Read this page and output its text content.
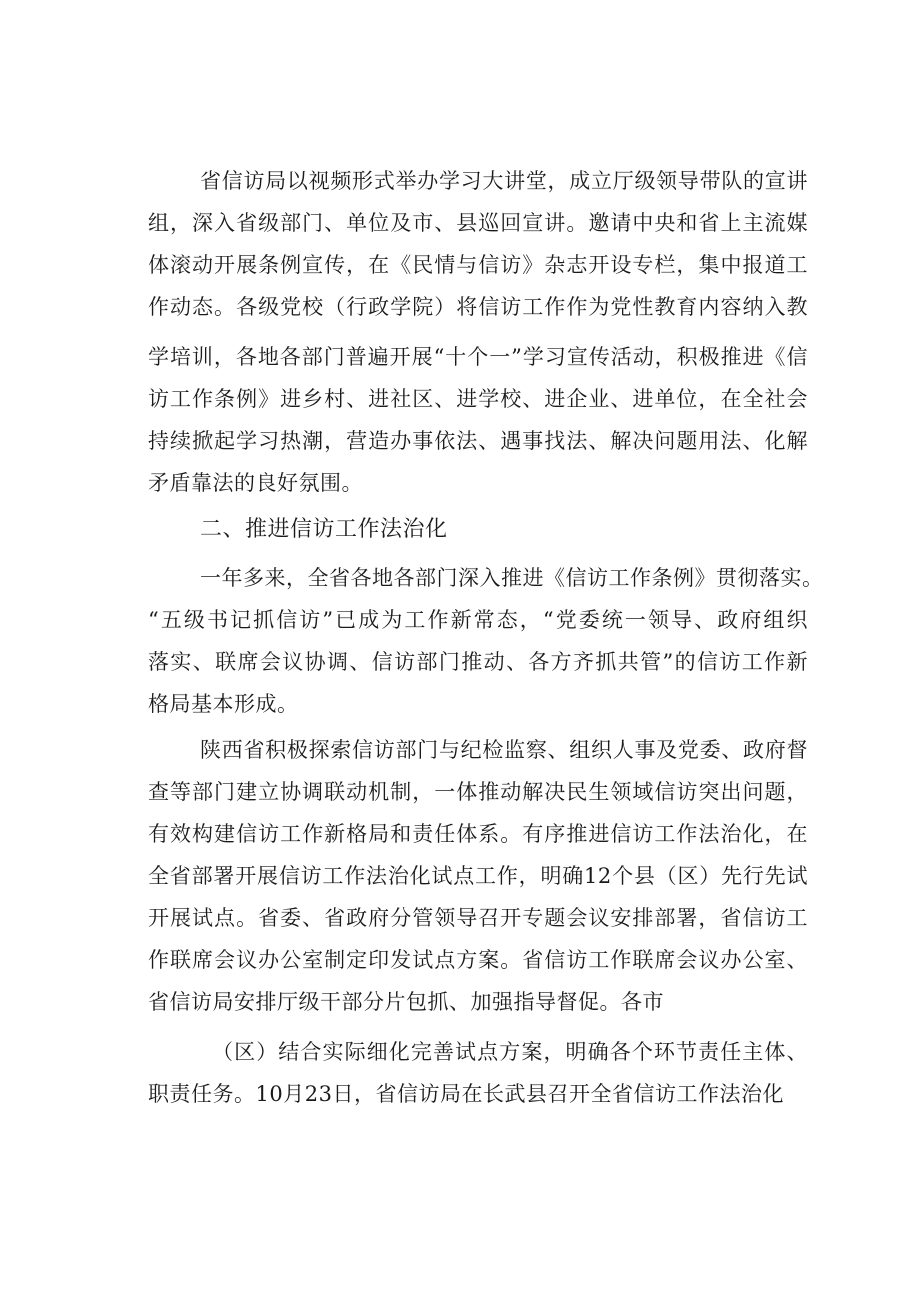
省信访局以视频形式举办学习大讲堂，成立厅级领导带队的宣讲
组，深入省级部门、单位及市、县巡回宣讲。邀请中央和省上主流媒
体滚动开展条例宣传，在《民情与信访》杂志开设专栏，集中报道工
作动态。各级党校（行政学院）将信访工作作为党性教育内容纳入教
学培训，各地各部门普遍开展“十个一”学习宣传活动，积极推进《信
访工作条例》进乡村、进社区、进学校、进企业、进单位，在全社会
持续掀起学习热潮，营造办事依法、遇事找法、解决问题用法、化解
矛盾靠法的良好氛围。
二、推进信访工作法治化
一年多来，全省各地各部门深入推进《信访工作条例》贯彻落实。
“五级书记抓信访”已成为工作新常态，“党委统一领导、政府组织
落实、联席会议协调、信访部门推动、各方齐抓共管”的信访工作新
格局基本形成。
陕西省积极探索信访部门与纪检监察、组织人事及党委、政府督
查等部门建立协调联动机制，一体推动解决民生领域信访突出问题，
有效构建信访工作新格局和责任体系。有序推进信访工作法治化，在
全省部署开展信访工作法治化试点工作，明确12个县（区）先行先试
开展试点。省委、省政府分管领导召开专题会议安排部署，省信访工
作联席会议办公室制定印发试点方案。省信访工作联席会议办公室、
省信访局安排厅级干部分片包抓、加强指导督促。各市
（区）结合实际细化完善试点方案，明确各个环节责任主体、
职责任务。10月23日，省信访局在长武县召开全省信访工作法治化
